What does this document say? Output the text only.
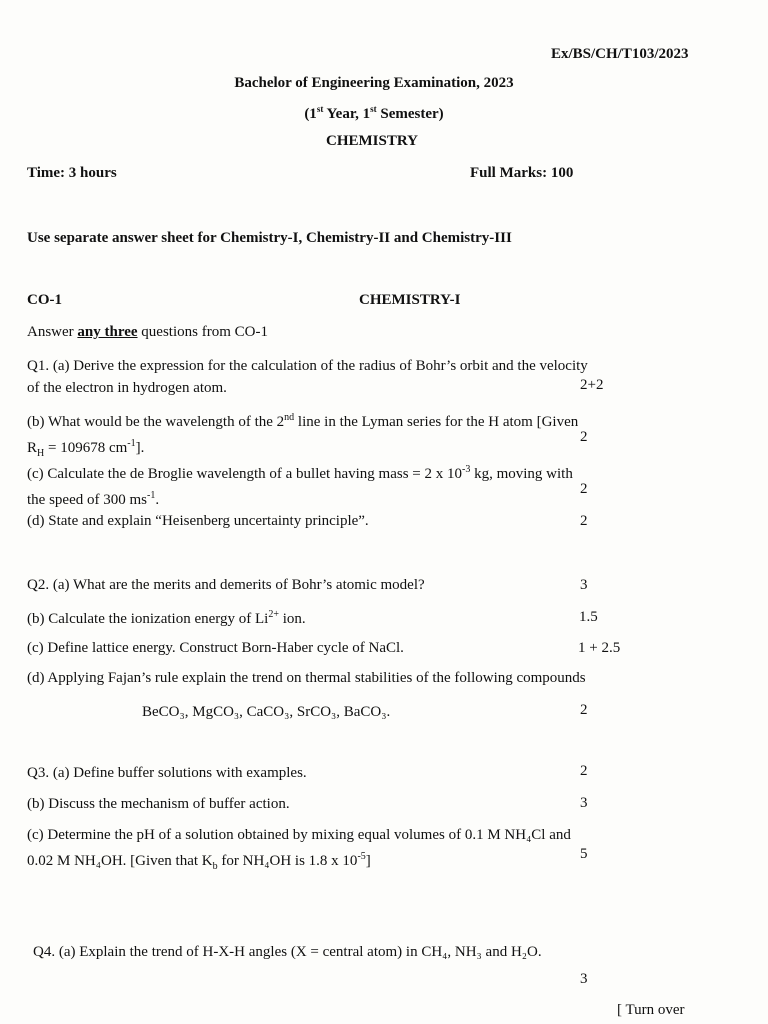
Ex/BS/CH/T103/2023
Bachelor of Engineering Examination, 2023
(1st Year, 1st Semester)
CHEMISTRY
Time: 3 hours	Full Marks: 100
Use separate answer sheet for Chemistry-I, Chemistry-II and Chemistry-III
CO-1	CHEMISTRY-I
Answer any three questions from CO-1
Q1. (a) Derive the expression for the calculation of the radius of Bohr’s orbit and the velocity
of the electron in hydrogen atom.	2+2
(b) What would be the wavelength of the 2nd line in the Lyman series for the H atom [Given
$R_H = 109678$ $cm^{-1}$].
2
(c) Calculate the de Broglie wavelength of a bullet having mass = 2 x $10^{-3}$ kg, moving with
the speed of 300 $ms^{-1}$.
2
(d) State and explain “Heisenberg uncertainty principle”.	2
Q2. (a) What are the merits and demerits of Bohr’s atomic model?	3
(b) Calculate the ionization energy of $Li^{2+}$ ion.	1.5
(c) Define lattice energy. Construct Born-Haber cycle of NaCl.	1 + 2.5
(d) Applying Fajan’s rule explain the trend on thermal stabilities of the following compounds
BeCO₃, MgCO₃, CaCO₃, SrCO₃, BaCO₃.	2
Q3. (a) Define buffer solutions with examples.	2
(b) Discuss the mechanism of buffer action.	3
(c) Determine the pH of a solution obtained by mixing equal volumes of 0.1 M NH₄Cl and
0.02 M NH₄OH. [Given that $K_b$ for NH₄OH is 1.8 x $10^{-5}$]	5
Q4. (a) Explain the trend of H-X-H angles (X = central atom) in CH₄, NH₃ and H₂O.
3
[ Turn over
